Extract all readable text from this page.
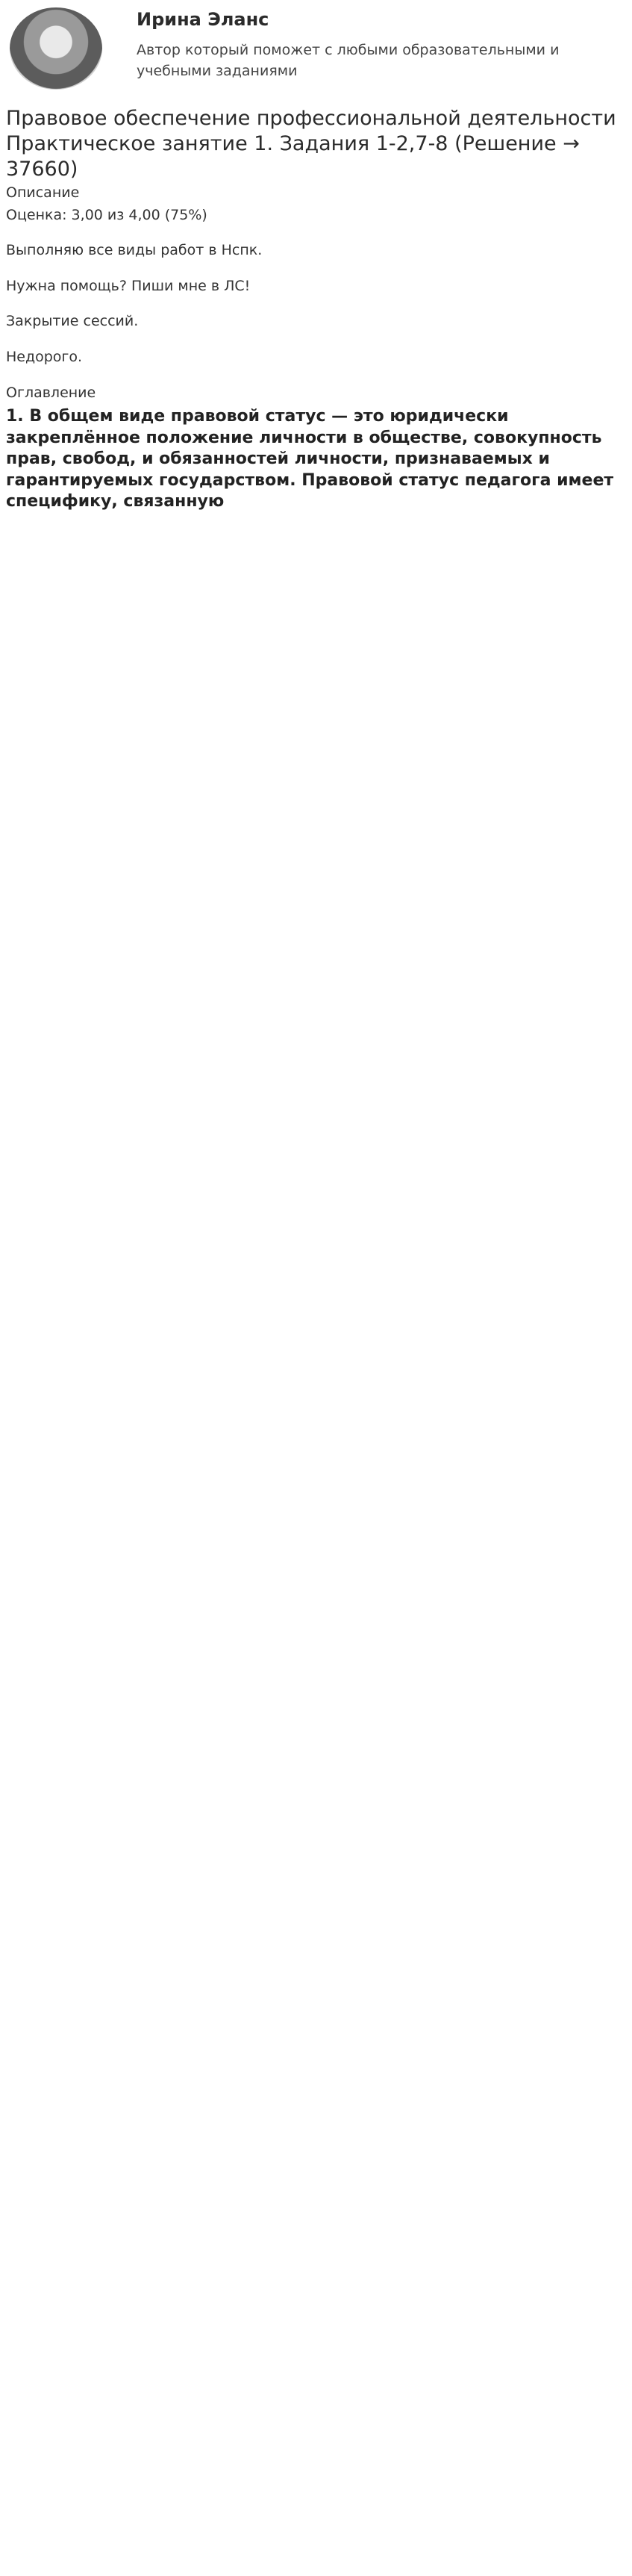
Ирина Эланс

Автор который поможет с любыми образовательными и учебными заданиями

Правовое обеспечение профессиональной деятельности Практическое занятие 1. Задания 1-2,7-8 (Решение → 37660)
Описание
Оценка: 3,00 из 4,00 (75%)

Выполняю все виды работ в Нспк.

Нужна помощь? Пиши мне в ЛС!

Закрытие сессий.

Недорого.

Оглавление

1. В общем виде правовой статус — это юридически закреплённое положение личности в обществе, совокупность прав, свобод, и обязанностей личности, признаваемых и гарантируемых государством. Правовой статус педагога имеет специфику, связанную
